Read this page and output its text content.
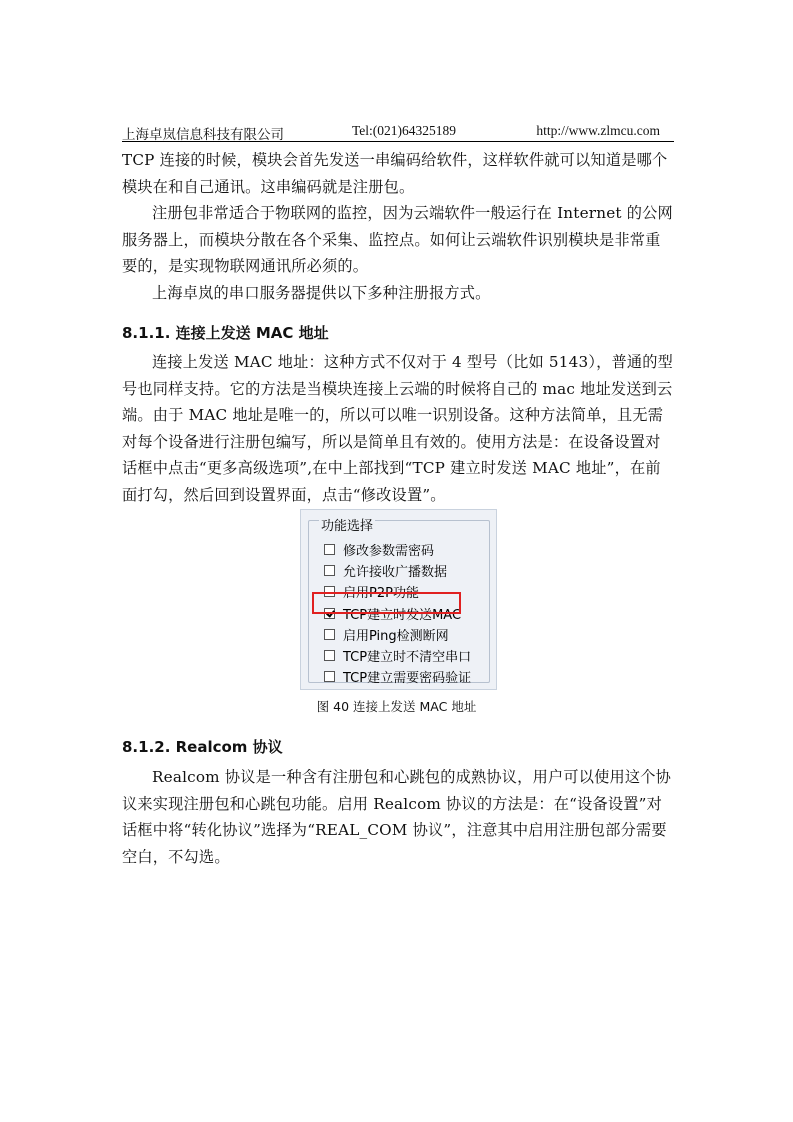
上海卓岚信息科技有限公司	Tel:(021)64325189	http://www.zlmcu.com

TCP 连接的时候，模块会首先发送一串编码给软件，这样软件就可以知道是哪个模块在和自己通讯。这串编码就是注册包。

注册包非常适合于物联网的监控，因为云端软件一般运行在 Internet 的公网服务器上，而模块分散在各个采集、监控点。如何让云端软件识别模块是非常重要的，是实现物联网通讯所必须的。

上海卓岚的串口服务器提供以下多种注册报方式。

8.1.1. 连接上发送 MAC 地址

连接上发送 MAC 地址：这种方式不仅对于 4 型号（比如 5143），普通的型号也同样支持。它的方法是当模块连接上云端的时候将自己的 mac 地址发送到云端。由于 MAC 地址是唯一的，所以可以唯一识别设备。这种方法简单，且无需对每个设备进行注册包编写，所以是简单且有效的。使用方法是：在设备设置对话框中点击“更多高级选项”,在中上部找到“TCP 建立时发送 MAC 地址”，在前面打勾，然后回到设置界面，点击“修改设置”。

功能选择
修改参数需密码
允许接收广播数据
启用P2P功能
TCP建立时发送MAC
启用Ping检测断网
TCP建立时不清空串口
TCP建立需要密码验证
图 40 连接上发送 MAC 地址
8.1.2. Realcom 协议

Realcom 协议是一种含有注册包和心跳包的成熟协议，用户可以使用这个协议来实现注册包和心跳包功能。启用 Realcom 协议的方法是：在“设备设置”对话框中将“转化协议”选择为“REAL_COM 协议”，注意其中启用注册包部分需要空白，不勾选。
